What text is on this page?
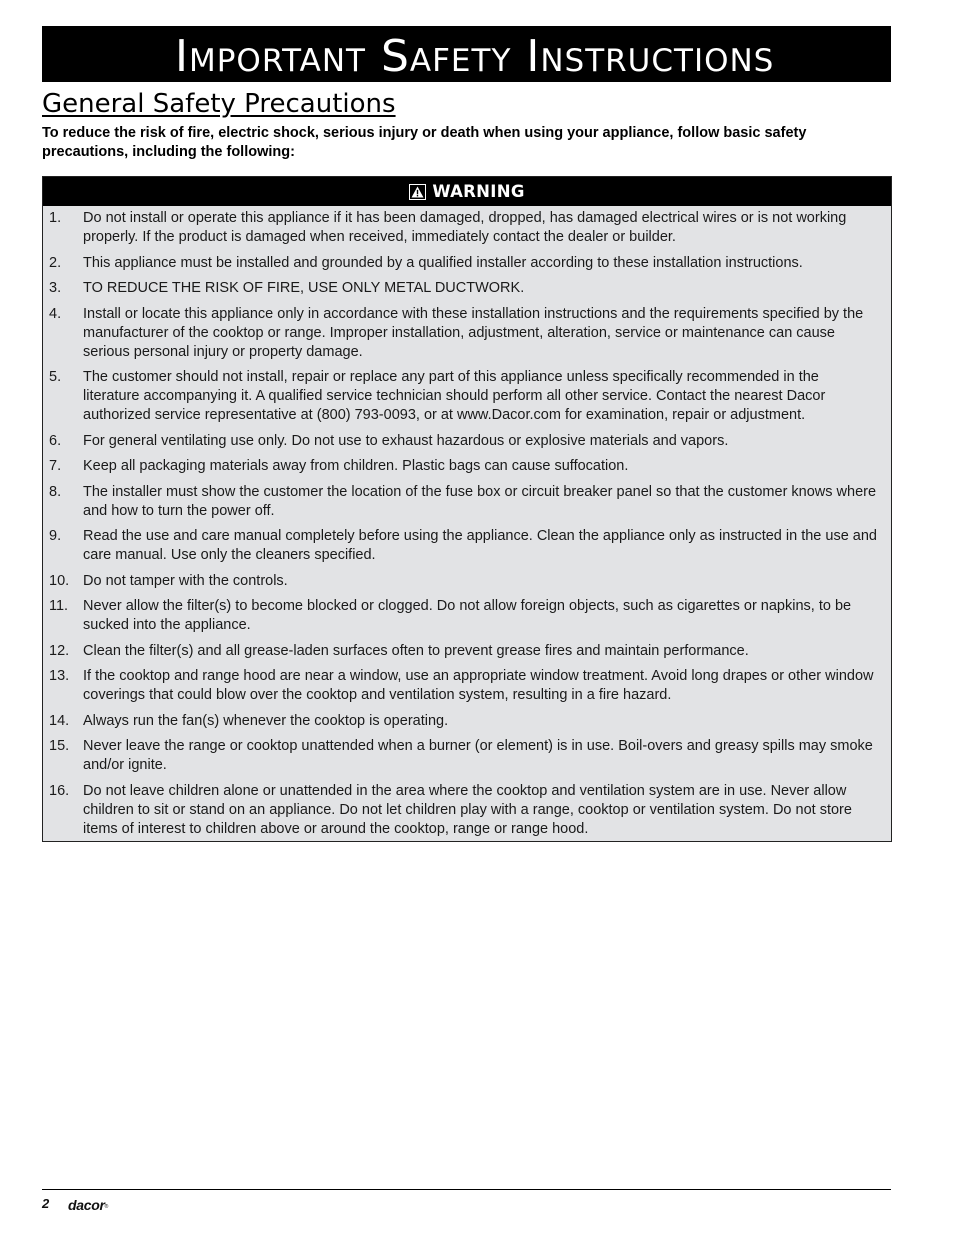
Important Safety Instructions
General Safety Precautions
To reduce the risk of fire, electric shock, serious injury or death when using your appliance, follow basic safety precautions, including the following:
WARNING
1.	Do not install or operate this appliance if it has been damaged, dropped, has damaged electrical wires or is not working properly. If the product is damaged when received, immediately contact the dealer or builder.
2.	This appliance must be installed and grounded by a qualified installer according to these installation instructions.
3.	TO REDUCE THE RISK OF FIRE, USE ONLY METAL DUCTWORK.
4.	Install or locate this appliance only in accordance with these installation instructions and the requirements specified by the manufacturer of the cooktop or range. Improper installation, adjustment, alteration, service or maintenance can cause serious personal injury or property damage.
5.	The customer should not install, repair or replace any part of this appliance unless specifically recommended in the literature accompanying it. A qualified service technician should perform all other service. Contact the nearest Dacor authorized service representative at (800) 793-0093, or at www.Dacor.com for examination, repair or adjustment.
6.	For general ventilating use only. Do not use to exhaust hazardous or explosive materials and vapors.
7.	Keep all packaging materials away from children. Plastic bags can cause suffocation.
8.	The installer must show the customer the location of the fuse box or circuit breaker panel so that the customer knows where and how to turn the power off.
9.	Read the use and care manual completely before using the appliance. Clean the appliance only as instructed in the use and care manual. Use only the cleaners specified.
10. Do not tamper with the controls.
11.	Never allow the filter(s) to become blocked or clogged. Do not allow foreign objects, such as cigarettes or napkins, to be sucked into the appliance.
12. Clean the filter(s) and all grease-laden surfaces often to prevent grease fires and maintain performance.
13. If the cooktop and range hood are near a window, use an appropriate window treatment. Avoid long drapes or other window coverings that could blow over the cooktop and ventilation system, resulting in a fire hazard.
14. Always run the fan(s) whenever the cooktop is operating.
15. Never leave the range or cooktop unattended when a burner (or element) is in use. Boil-overs and greasy spills may smoke and/or ignite.
16. Do not leave children alone or unattended in the area where the cooktop and ventilation system are in use. Never allow children to sit or stand on an appliance. Do not let children play with a range, cooktop or ventilation system. Do not store items of interest to children above or around the cooktop, range or range hood.
2 dacor®
